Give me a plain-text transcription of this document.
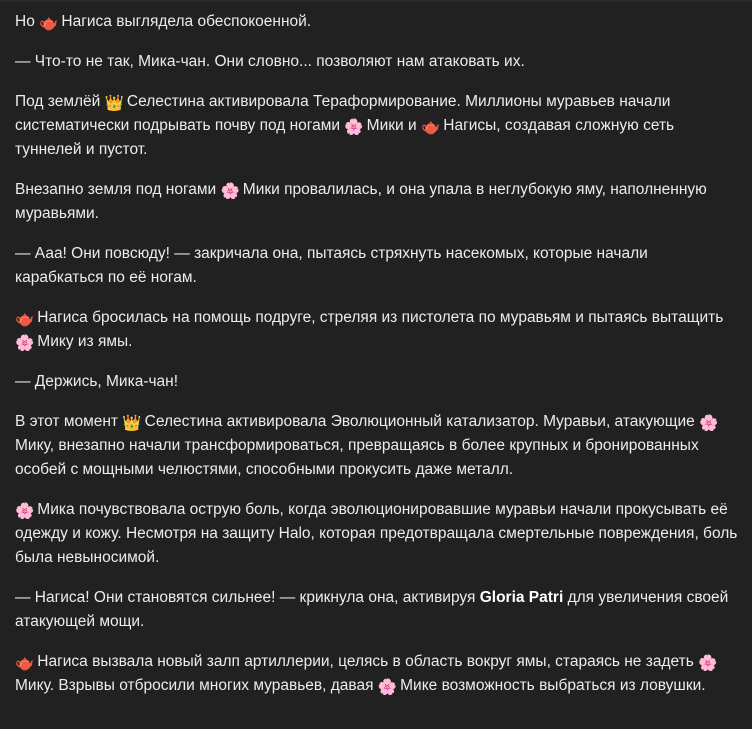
Но 🫖 Нагиса выглядела обеспокоенной.

— Что-то не так, Мика-чан. Они словно... позволяют нам атаковать их.

Под землёй 👑 Селестина активировала Тераформирование. Миллионы муравьев начали систематически подрывать почву под ногами 🌸 Мики и 🫖 Нагисы, создавая сложную сеть туннелей и пустот.

Внезапно земля под ногами 🌸 Мики провалилась, и она упала в неглубокую яму, наполненную муравьями.

— Ааа! Они повсюду! — закричала она, пытаясь стряхнуть насекомых, которые начали карабкаться по её ногам.

🫖 Нагиса бросилась на помощь подруге, стреляя из пистолета по муравьям и пытаясь вытащить 🌸 Мику из ямы.

— Держись, Мика-чан!

В этот момент 👑 Селестина активировала Эволюционный катализатор. Муравьи, атакующие 🌸 Мику, внезапно начали трансформироваться, превращаясь в более крупных и бронированных особей с мощными челюстями, способными прокусить даже металл.

🌸 Мика почувствовала острую боль, когда эволюционировавшие муравьи начали прокусывать её одежду и кожу. Несмотря на защиту Halo, которая предотвращала смертельные повреждения, боль была невыносимой.

— Нагиса! Они становятся сильнее! — крикнула она, активируя Gloria Patri для увеличения своей атакующей мощи.

🫖 Нагиса вызвала новый залп артиллерии, целясь в область вокруг ямы, стараясь не задеть 🌸 Мику. Взрывы отбросили многих муравьев, давая 🌸 Мике возможность выбраться из ловушки.
